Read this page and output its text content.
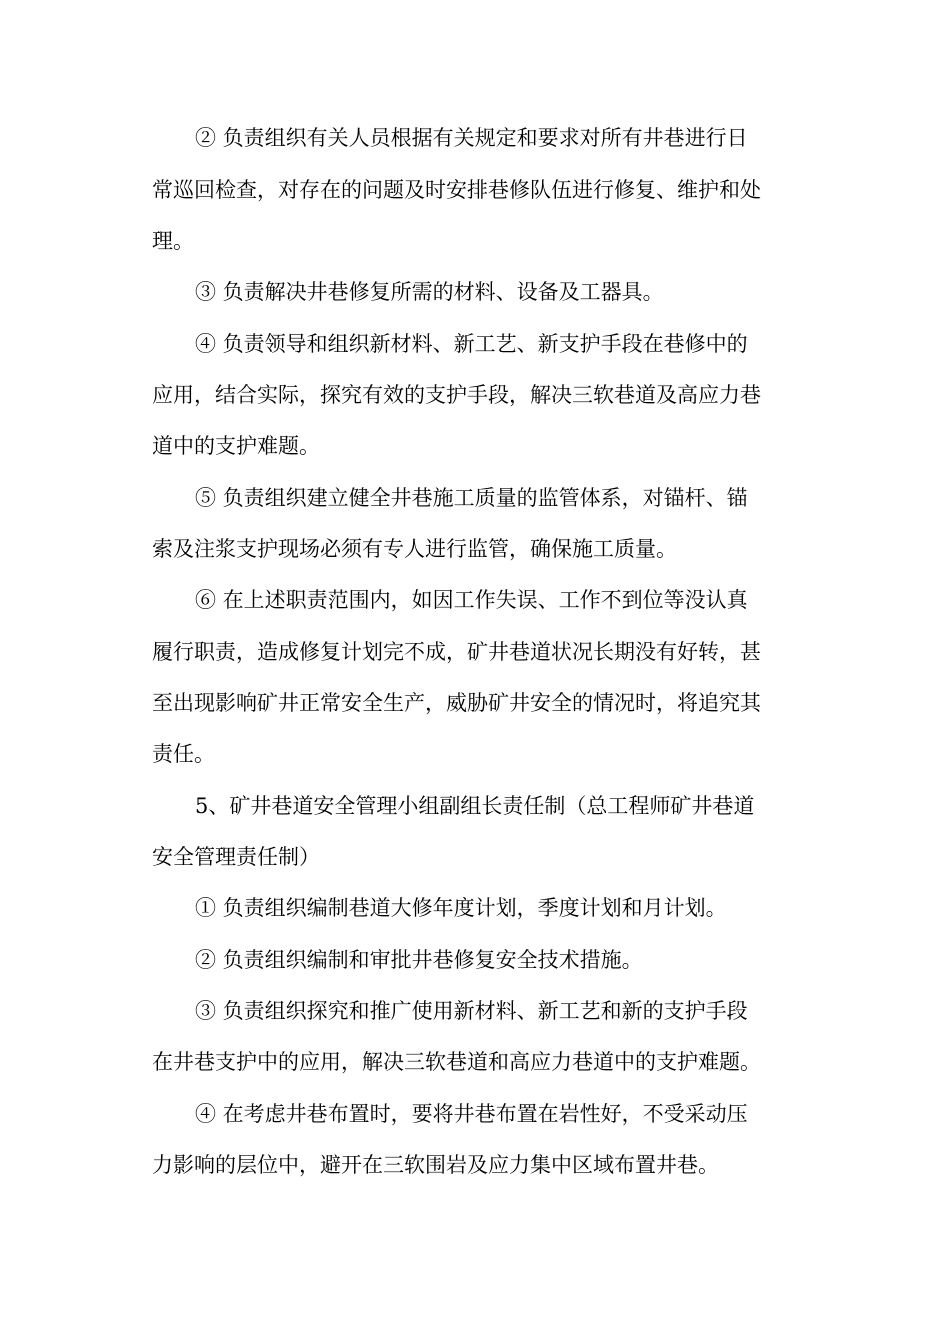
② 负责组织有关人员根据有关规定和要求对所有井巷进行日
常巡回检查，对存在的问题及时安排巷修队伍进行修复、维护和处
理。
③ 负责解决井巷修复所需的材料、设备及工器具。
④ 负责领导和组织新材料、新工艺、新支护手段在巷修中的
应用，结合实际，探究有效的支护手段，解决三软巷道及高应力巷
道中的支护难题。
⑤ 负责组织建立健全井巷施工质量的监管体系，对锚杆、锚
索及注浆支护现场必须有专人进行监管，确保施工质量。
⑥ 在上述职责范围内，如因工作失误、工作不到位等没认真
履行职责，造成修复计划完不成，矿井巷道状况长期没有好转，甚
至出现影响矿井正常安全生产，威胁矿井安全的情况时，将追究其
责任。
5、矿井巷道安全管理小组副组长责任制（总工程师矿井巷道
安全管理责任制）
① 负责组织编制巷道大修年度计划，季度计划和月计划。
② 负责组织编制和审批井巷修复安全技术措施。
③ 负责组织探究和推广使用新材料、新工艺和新的支护手段
在井巷支护中的应用，解决三软巷道和高应力巷道中的支护难题。
④ 在考虑井巷布置时，要将井巷布置在岩性好，不受采动压
力影响的层位中，避开在三软围岩及应力集中区域布置井巷。
